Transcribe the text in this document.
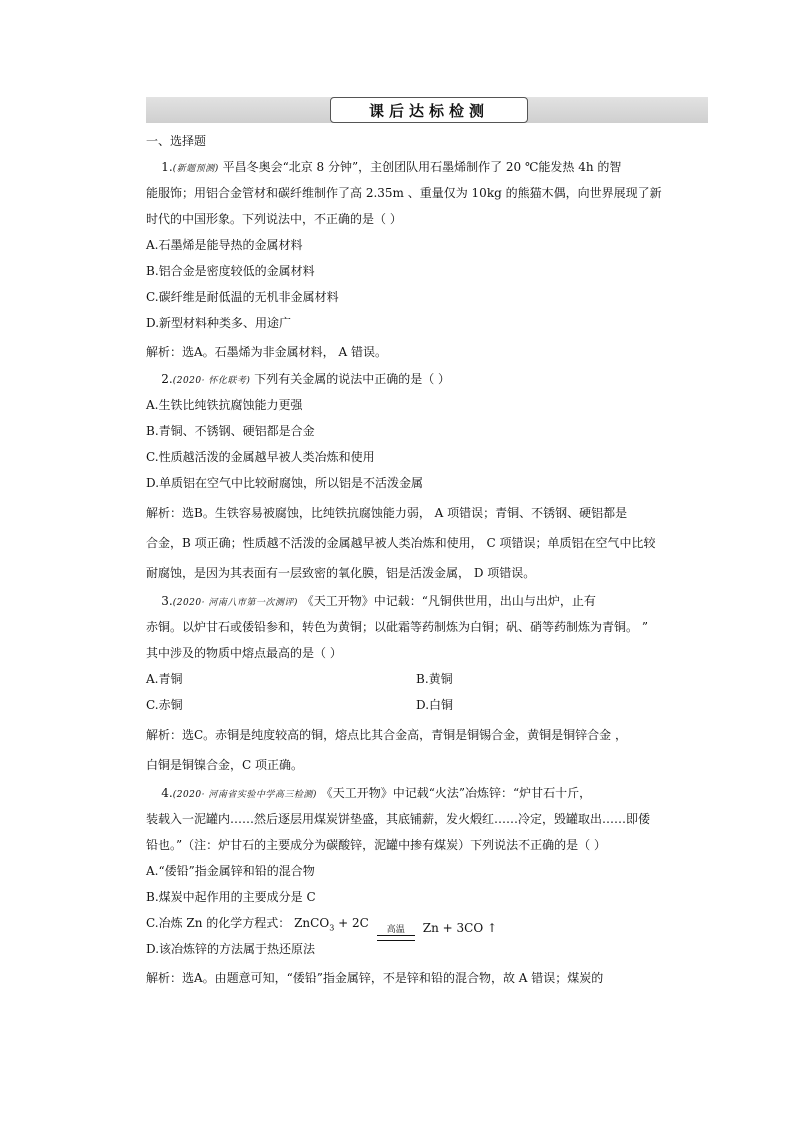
课后达标检测
一、选择题
1.(新题预测) 平昌冬奥会“北京 8 分钟”，主创团队用石墨烯制作了 20 ℃能发热 4h 的智
能服饰；用铝合金管材和碳纤维制作了高 2.35m 、重量仅为 10kg 的熊猫木偶，向世界展现了新
时代的中国形象。下列说法中，不正确的是（ ）
A.石墨烯是能导热的金属材料
B.铝合金是密度较低的金属材料
C.碳纤维是耐低温的无机非金属材料
D.新型材料种类多、用途广
解析：选A。石墨烯为非金属材料， A 错误。
2.(2020· 怀化联考) 下列有关金属的说法中正确的是（ ）
A.生铁比纯铁抗腐蚀能力更强
B.青铜、不锈钢、硬铝都是合金
C.性质越活泼的金属越早被人类冶炼和使用
D.单质铝在空气中比较耐腐蚀，所以铝是不活泼金属
解析：选B。生铁容易被腐蚀，比纯铁抗腐蚀能力弱， A 项错误；青铜、不锈钢、硬铝都是
合金，B 项正确；性质越不活泼的金属越早被人类冶炼和使用， C 项错误；单质铝在空气中比较
耐腐蚀，是因为其表面有一层致密的氧化膜，铝是活泼金属， D 项错误。
3.(2020· 河南八市第一次测评) 《天工开物》中记载：“凡铜供世用，出山与出炉，止有
赤铜。以炉甘石或倭铅参和，转色为黄铜；以砒霜等药制炼为白铜；矾、硝等药制炼为青铜。 ”
其中涉及的物质中熔点最高的是（ ）
A.青铜	B.黄铜
C.赤铜	D.白铜
解析：选C。赤铜是纯度较高的铜，熔点比其合金高，青铜是铜锡合金，黄铜是铜锌合金 ，
白铜是铜镍合金，C 项正确。
4.(2020· 河南省实验中学高三检测) 《天工开物》中记载“火法”冶炼锌：“炉甘石十斤，
装载入一泥罐内……然后逐层用煤炭饼垫盛，其底铺薪，发火煅红……冷定，毁罐取出……即倭
铅也。”（注：炉甘石的主要成分为碳酸锌，泥罐中掺有煤炭）下列说法不正确的是（ ）
A.“倭铅”指金属锌和铅的混合物
B.煤炭中起作用的主要成分是 C
C.冶炼 Zn 的化学方程式： ZnCO$_3$ + 2C
高温 Zn + 3CO ↑
D.该冶炼锌的方法属于热还原法
解析：选A。由题意可知，“倭铅”指金属锌，不是锌和铅的混合物，故 A 错误；煤炭的
